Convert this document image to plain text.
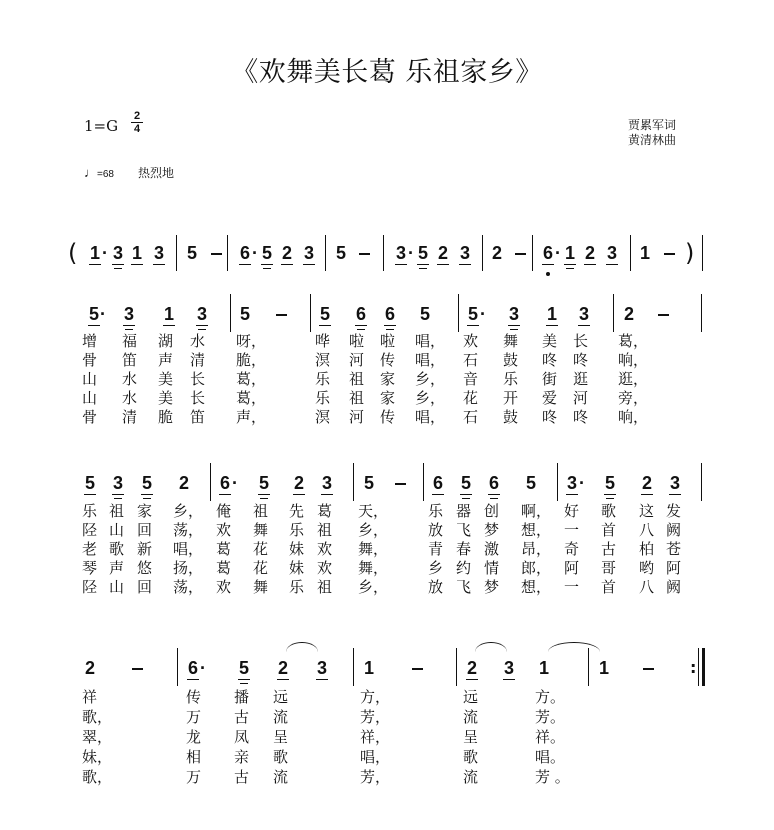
《欢舞美长葛 乐祖家乡》
1=G
2
4	贾累军词
黄清林曲
♩=68 热烈地
( 1 · 3 1 3 5 6 · 5 2 3 5	3 · 5 2 3 2 6 · 1 2 3 1 )
5 · 3 1 3 5	5 6 6 5 5 · 3 1 3 2
增 福 湖 水 呀，	哗 啦 啦 唱， 欢 舞 美 长 葛，
骨 笛 声 清 脆，	溟 河 传 唱， 石 鼓 咚 咚 响，
山 水 美 长 葛，	乐 祖 家 乡， 音 乐 街 逛 逛，
山 水 美 长 葛，	乐 祖 家 乡， 花 开 爱 河 旁，
骨 清 脆 笛 声，	溟 河 传 唱， 石 鼓 咚 咚 响，
5 3 5 2 6 · 5 2 3 5	6 5 6 5 3 · 5 2 3
乐 祖 家 乡， 俺 祖 先 葛 天，	乐 器 创 啊， 好 歌 这 发
陉 山 回 荡， 欢 舞 乐 祖 乡，	放 飞 梦 想， 一 首 八 阙
老 歌 新 唱， 葛 花 妹 欢 舞，	青 春 激 昂， 奇 古 柏 苍
琴 声 悠 扬， 葛 花 妹 欢 舞，	乡 约 情 郎， 阿 哥 哟 阿
陉 山 回 荡， 欢 舞 乐 祖 乡，	放 飞 梦 想， 一 首 八 阙
2	6 · 5 2 3 1	2 3 1	1	:
祥	传 播 远	方，	远	方。
歌，	万 古 流	芳，	流	芳。
翠，	龙 凤 呈	祥，	呈	祥。
妹，	相 亲 歌	唱，	歌	唱。
歌，	万 古 流	芳，	流	芳 。
